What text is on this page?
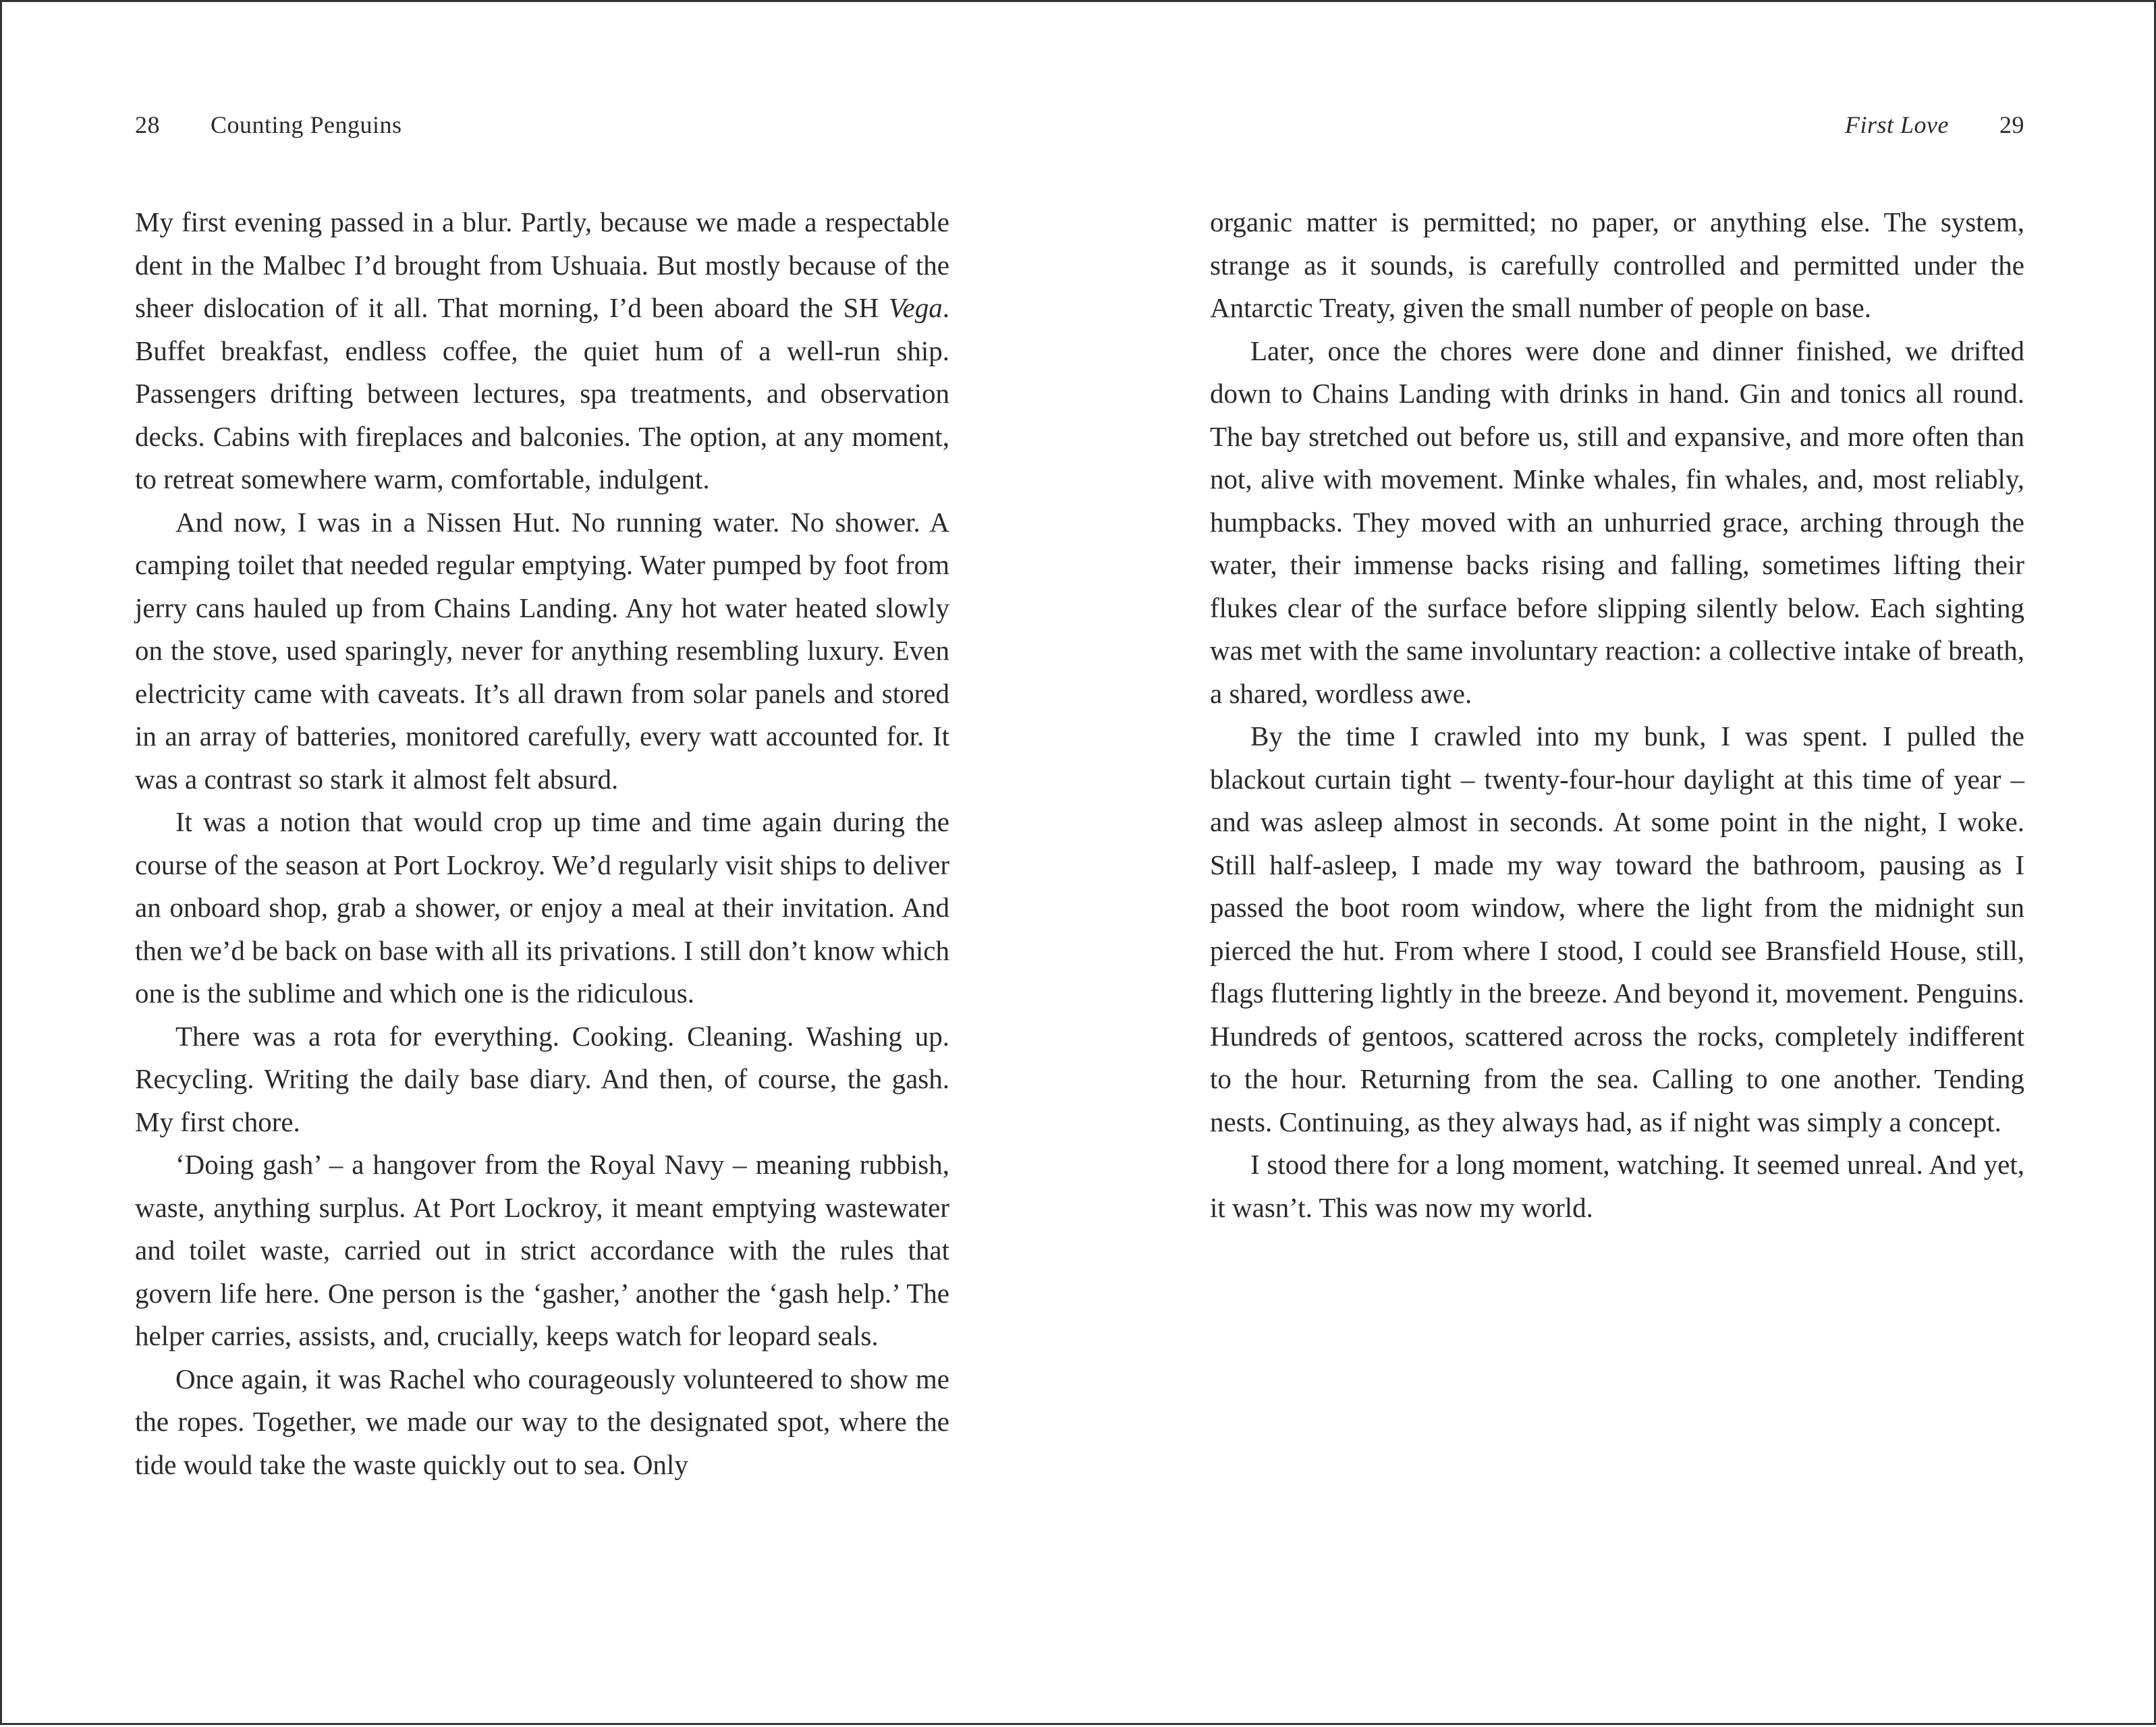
28 Counting Penguins

My first evening passed in a blur. Partly, because we made a respectable dent in the Malbec I’d brought from Ushuaia. But mostly because of the sheer dislocation of it all. That morning, I’d been aboard the SH Vega. Buffet breakfast, endless coffee, the quiet hum of a well-run ship. Passengers drifting between lectures, spa treatments, and observation decks. Cabins with fireplaces and balconies. The option, at any moment, to retreat somewhere warm, comfortable, indulgent.

And now, I was in a Nissen Hut. No running water. No shower. A camping toilet that needed regular emptying. Water pumped by foot from jerry cans hauled up from Chains Landing. Any hot water heated slowly on the stove, used sparingly, never for anything resembling luxury. Even electricity came with caveats. It’s all drawn from solar panels and stored in an array of batteries, monitored carefully, every watt accounted for. It was a contrast so stark it almost felt absurd.

It was a notion that would crop up time and time again during the course of the season at Port Lockroy. We’d regularly visit ships to deliver an onboard shop, grab a shower, or enjoy a meal at their invitation. And then we’d be back on base with all its privations. I still don’t know which one is the sublime and which one is the ridiculous.

There was a rota for everything. Cooking. Cleaning. Washing up. Recycling. Writing the daily base diary. And then, of course, the gash. My first chore.

‘Doing gash’ – a hangover from the Royal Navy – meaning rubbish, waste, anything surplus. At Port Lockroy, it meant emptying wastewater and toilet waste, carried out in strict accordance with the rules that govern life here. One person is the ‘gasher,’ another the ‘gash help.’ The helper carries, assists, and, crucially, keeps watch for leopard seals.

Once again, it was Rachel who courageously volunteered to show me the ropes. Together, we made our way to the designated spot, where the tide would take the waste quickly out to sea. Only

First Love 29

organic matter is permitted; no paper, or anything else. The system, strange as it sounds, is carefully controlled and permitted under the Antarctic Treaty, given the small number of people on base.

Later, once the chores were done and dinner finished, we drifted down to Chains Landing with drinks in hand. Gin and tonics all round. The bay stretched out before us, still and expansive, and more often than not, alive with movement. Minke whales, fin whales, and, most reliably, humpbacks. They moved with an unhurried grace, arching through the water, their immense backs rising and falling, sometimes lifting their flukes clear of the surface before slipping silently below. Each sighting was met with the same involuntary reaction: a collective intake of breath, a shared, wordless awe.

By the time I crawled into my bunk, I was spent. I pulled the blackout curtain tight – twenty-four-hour daylight at this time of year – and was asleep almost in seconds. At some point in the night, I woke. Still half-asleep, I made my way toward the bathroom, pausing as I passed the boot room window, where the light from the midnight sun pierced the hut. From where I stood, I could see Bransfield House, still, flags fluttering lightly in the breeze. And beyond it, movement. Penguins. Hundreds of gentoos, scattered across the rocks, completely indifferent to the hour. Returning from the sea. Calling to one another. Tending nests. Continuing, as they always had, as if night was simply a concept.

I stood there for a long moment, watching. It seemed unreal. And yet, it wasn’t. This was now my world.
